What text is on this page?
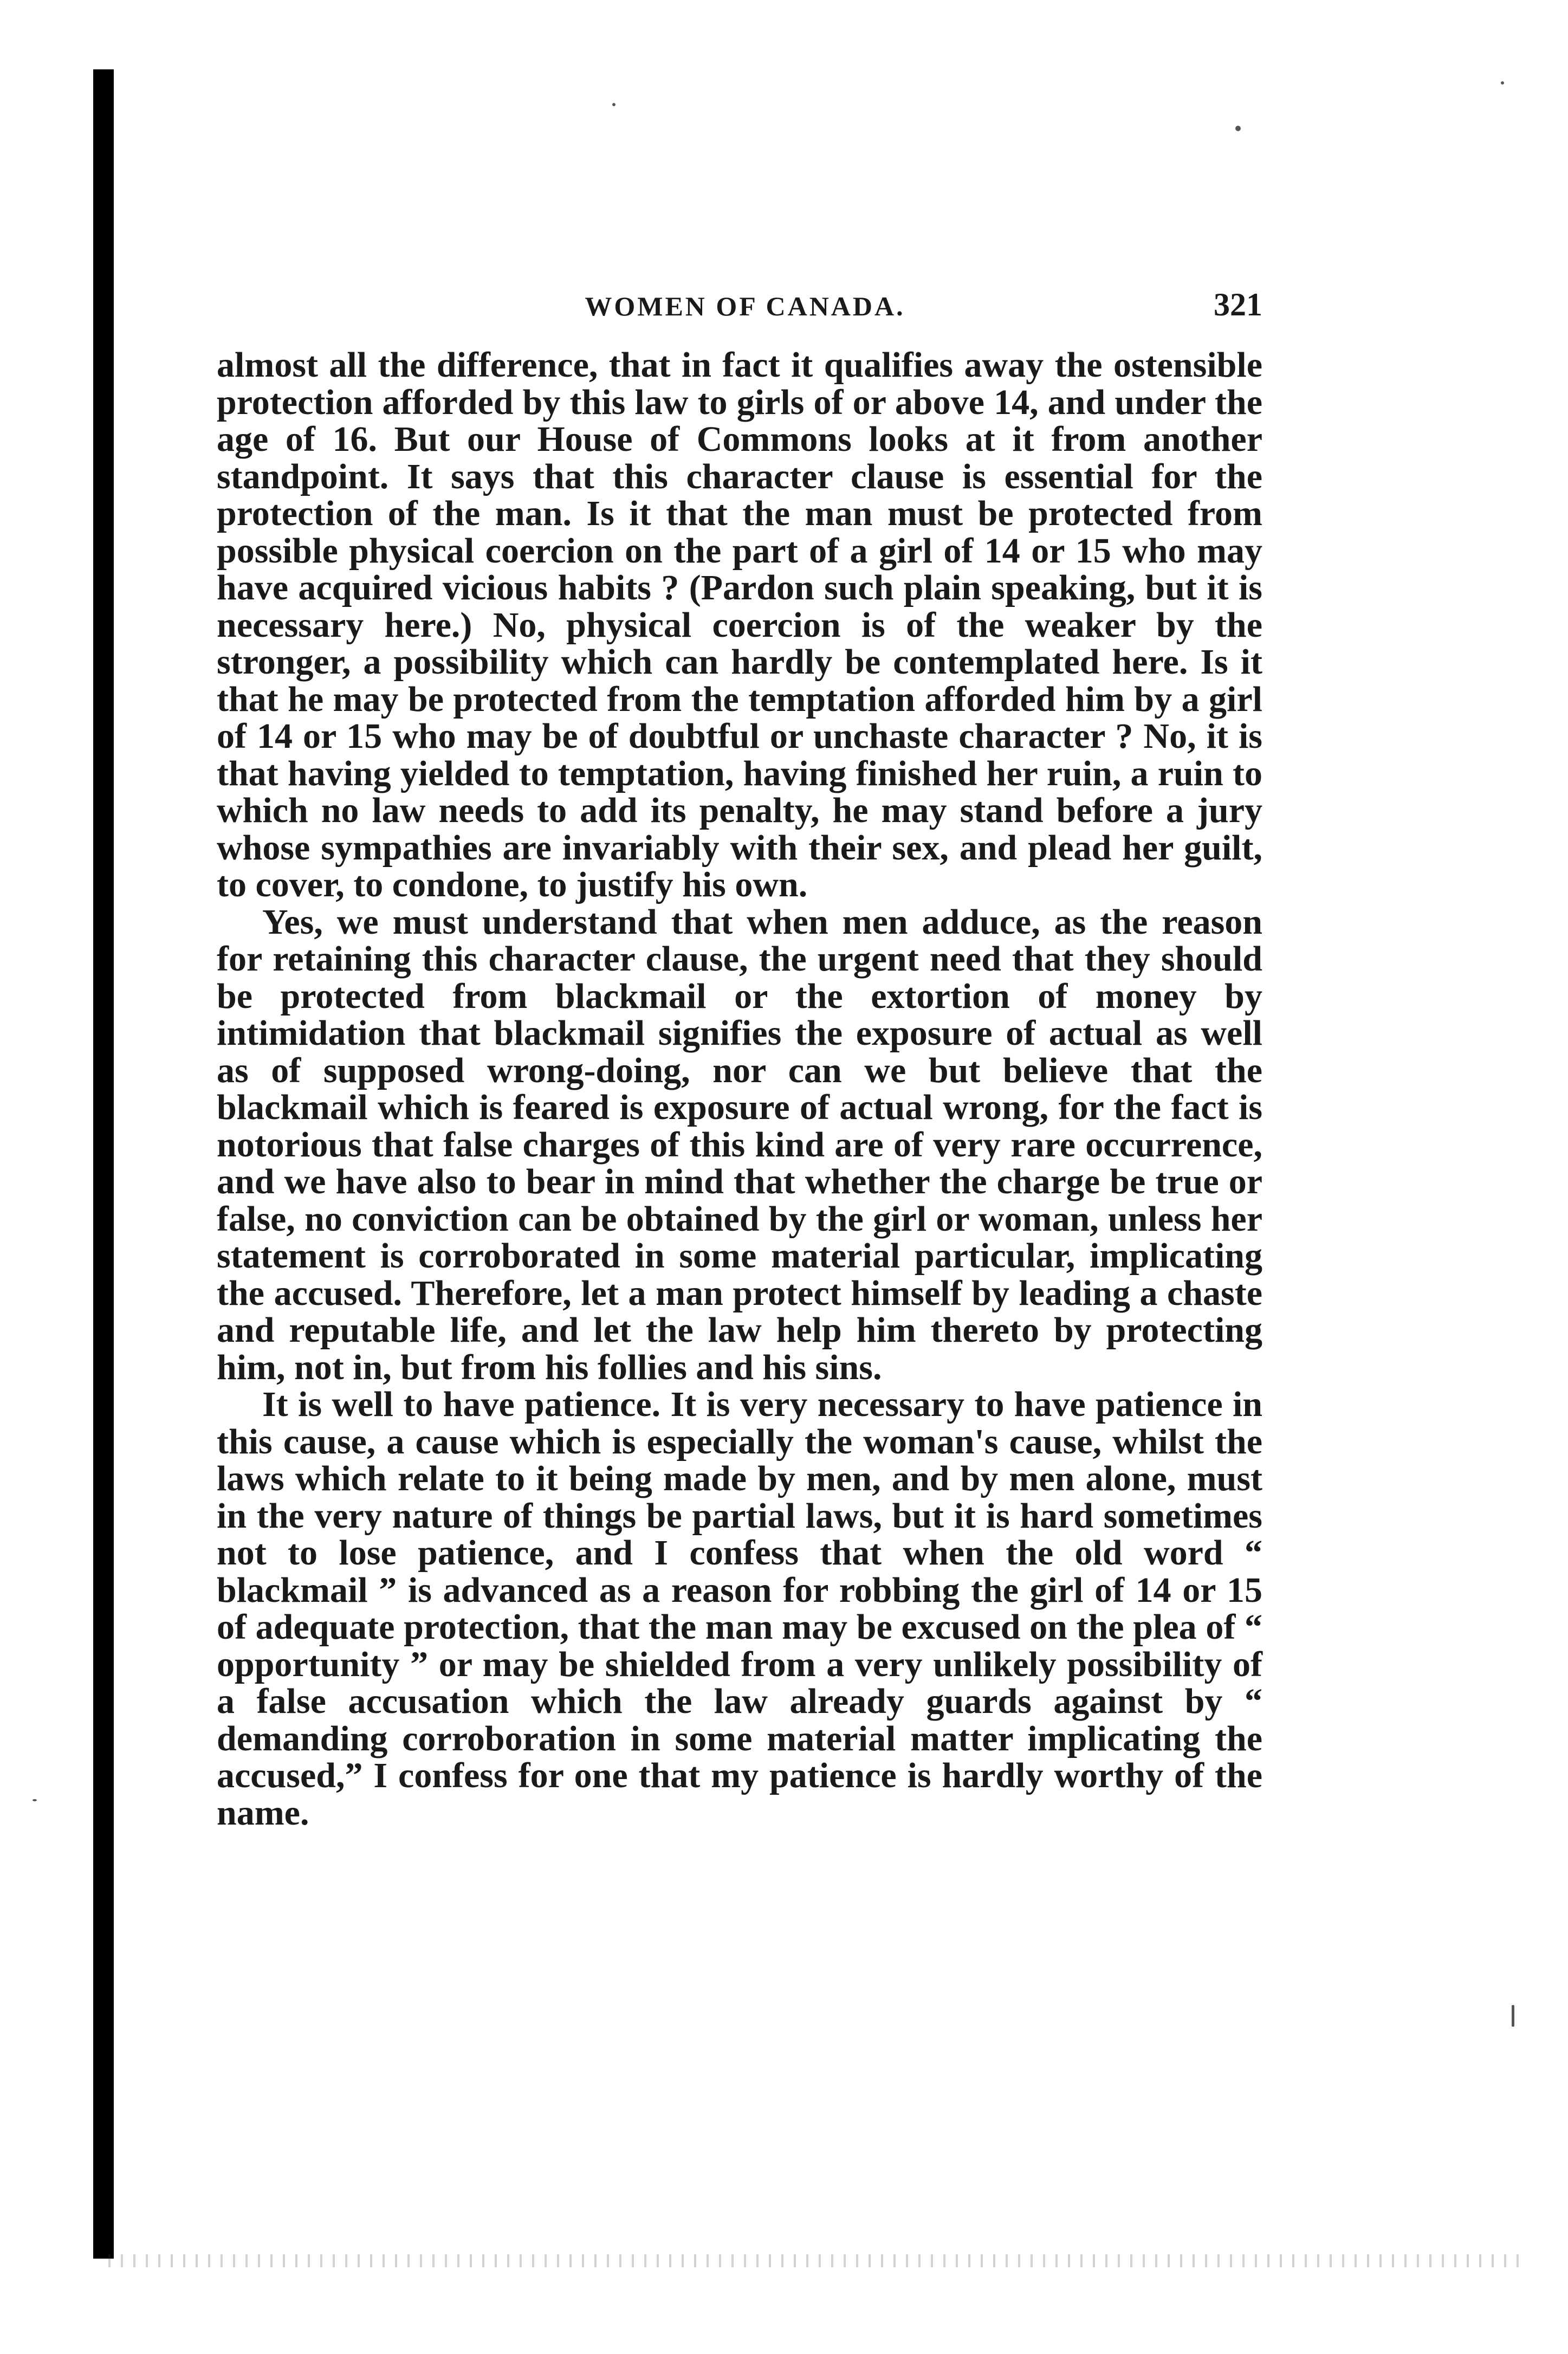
WOMEN OF CANADA.	321

almost all the difference, that in fact it qualifies away the ostensible protection afforded by this law to girls of or above 14, and under the age of 16. But our House of Commons looks at it from another standpoint. It says that this character clause is essential for the protection of the man. Is it that the man must be protected from possible physical coercion on the part of a girl of 14 or 15 who may have acquired vicious habits ? (Pardon such plain speaking, but it is necessary here.) No, physical coercion is of the weaker by the stronger, a possibility which can hardly be contemplated here. Is it that he may be protected from the temptation afforded him by a girl of 14 or 15 who may be of doubtful or unchaste character ? No, it is that having yielded to temptation, having finished her ruin, a ruin to which no law needs to add its penalty, he may stand before a jury whose sympathies are invariably with their sex, and plead her guilt, to cover, to condone, to justify his own.

Yes, we must understand that when men adduce, as the reason for retaining this character clause, the urgent need that they should be protected from blackmail or the extortion of money by intimidation that blackmail signifies the exposure of actual as well as of supposed wrong-doing, nor can we but believe that the blackmail which is feared is exposure of actual wrong, for the fact is notorious that false charges of this kind are of very rare occurrence, and we have also to bear in mind that whether the charge be true or false, no conviction can be obtained by the girl or woman, unless her statement is corroborated in some material particular, implicating the accused. Therefore, let a man protect himself by leading a chaste and reputable life, and let the law help him thereto by protecting him, not in, but from his follies and his sins.

It is well to have patience. It is very necessary to have patience in this cause, a cause which is especially the woman's cause, whilst the laws which relate to it being made by men, and by men alone, must in the very nature of things be partial laws, but it is hard sometimes not to lose patience, and I confess that when the old word “ blackmail ” is advanced as a reason for robbing the girl of 14 or 15 of adequate protection, that the man may be excused on the plea of “ opportunity ” or may be shielded from a very unlikely possibility of a false accusation which the law already guards against by “ demanding corroboration in some material matter implicating the accused,” I confess for one that my patience is hardly worthy of the name.
